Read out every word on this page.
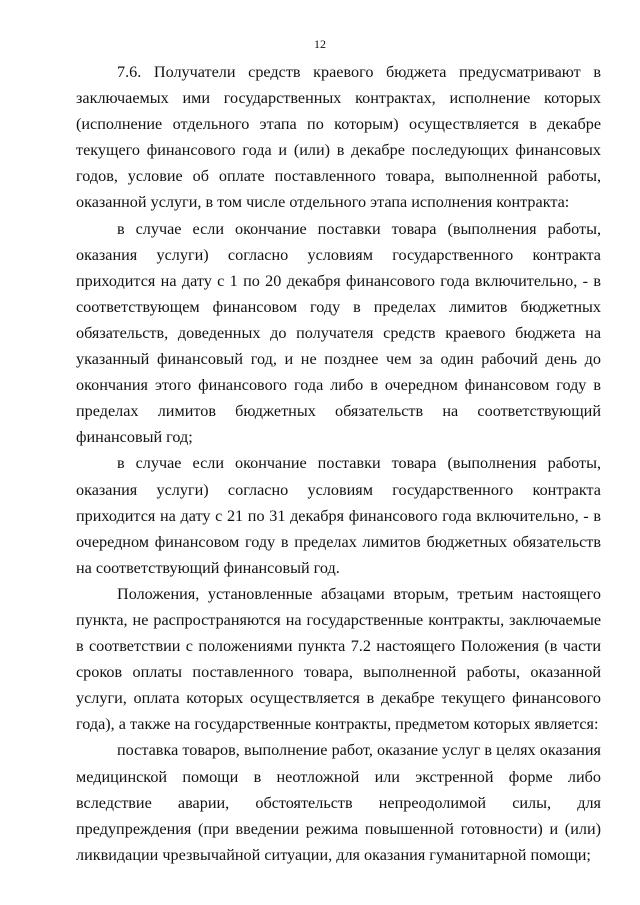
12

7.6. Получатели средств краевого бюджета предусматривают в заключаемых ими государственных контрактах, исполнение которых (исполнение отдельного этапа по которым) осуществляется в декабре текущего финансового года и (или) в декабре последующих финансовых годов, условие об оплате поставленного товара, выполненной работы, оказанной услуги, в том числе отдельного этапа исполнения контракта:

в случае если окончание поставки товара (выполнения работы, оказания услуги) согласно условиям государственного контракта приходится на дату с 1 по 20 декабря финансового года включительно, - в соответствующем финансовом году в пределах лимитов бюджетных обязательств, доведенных до получателя средств краевого бюджета на указанный финансовый год, и не позднее чем за один рабочий день до окончания этого финансового года либо в очередном финансовом году в пределах лимитов бюджетных обязательств на соответствующий финансовый год;

в случае если окончание поставки товара (выполнения работы, оказания услуги) согласно условиям государственного контракта приходится на дату с 21 по 31 декабря финансового года включительно, - в очередном финансовом году в пределах лимитов бюджетных обязательств на соответствующий финансовый год.

Положения, установленные абзацами вторым, третьим настоящего пункта, не распространяются на государственные контракты, заключаемые в соответствии с положениями пункта 7.2 настоящего Положения (в части сроков оплаты поставленного товара, выполненной работы, оказанной услуги, оплата которых осуществляется в декабре текущего финансового года), а также на государственные контракты, предметом которых является:

поставка товаров, выполнение работ, оказание услуг в целях оказания медицинской помощи в неотложной или экстренной форме либо вследствие аварии, обстоятельств непреодолимой силы, для предупреждения (при введении режима повышенной готовности) и (или) ликвидации чрезвычайной ситуации, для оказания гуманитарной помощи;
